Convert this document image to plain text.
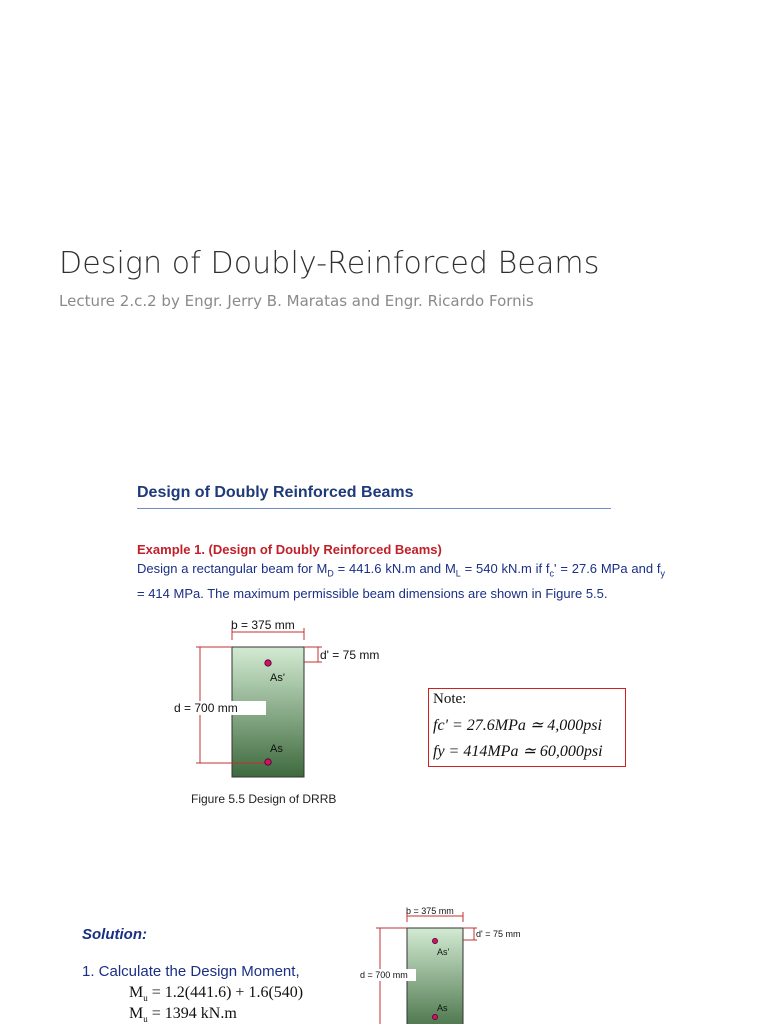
Design of Doubly-Reinforced Beams
Lecture 2.c.2 by Engr. Jerry B. Maratas and Engr. Ricardo Fornis
Design of Doubly Reinforced Beams
Example 1. (Design of Doubly Reinforced Beams)
Design a rectangular beam for $M_D = 441.6$ kN.m and $M_L = 540$ kN.m if $f_c' = 27.6$ MPa and $f_y = 414$ MPa. The maximum permissible beam dimensions are shown in Figure 5.5.
b = 375 mm
d' = 75 mm
d = 700 mm
As'
As
b = 375 mm
d' = 75 mm
d = 700 mm
As'
As
Note:
fc' = 27.6MPa ≃ 4,000psi
fy = 414MPa ≃ 60,000psi
Figure 5.5 Design of DRRB
Solution:
1. Calculate the Design Moment,
$M_u = 1.2(441.6) + 1.6(540)$
$M_u = 1394$ kN.m
